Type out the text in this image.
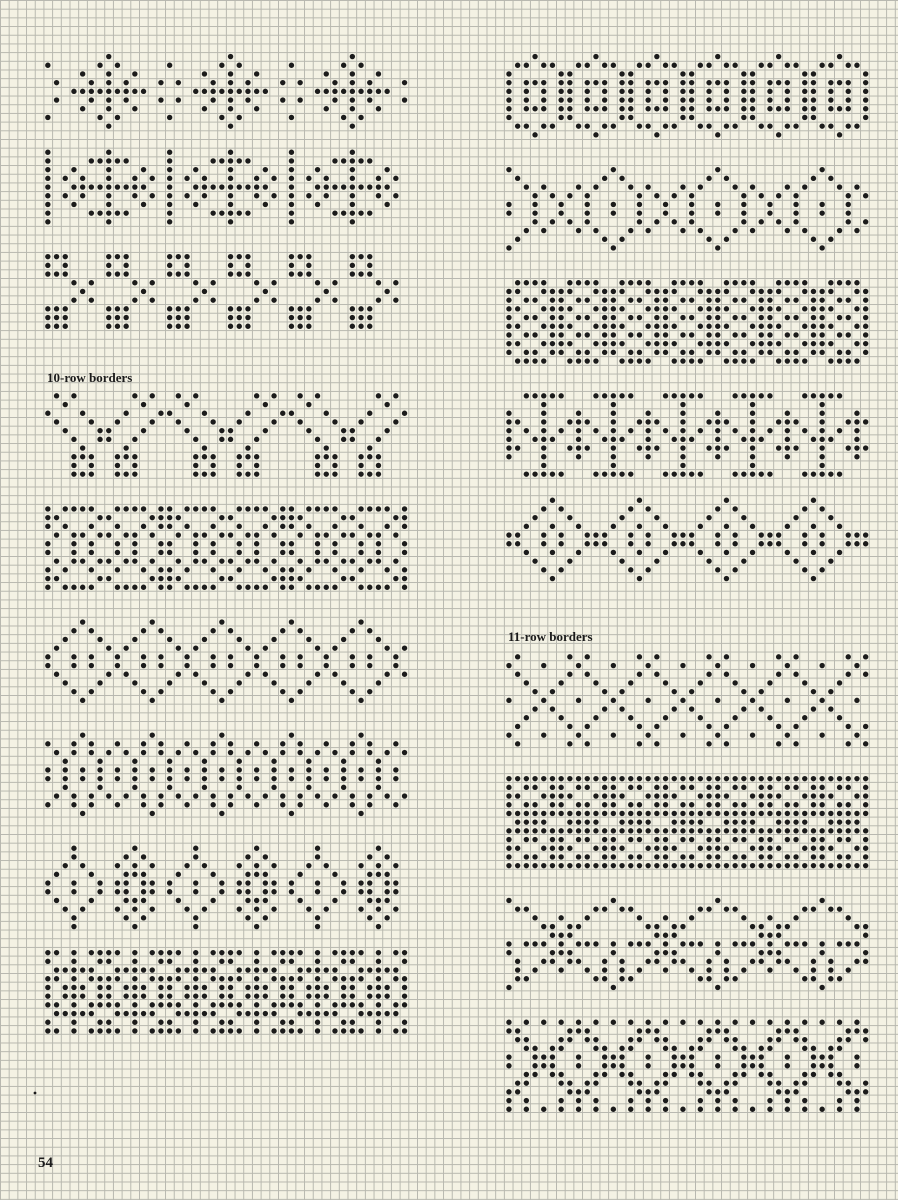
10-row borders
11-row borders
54
